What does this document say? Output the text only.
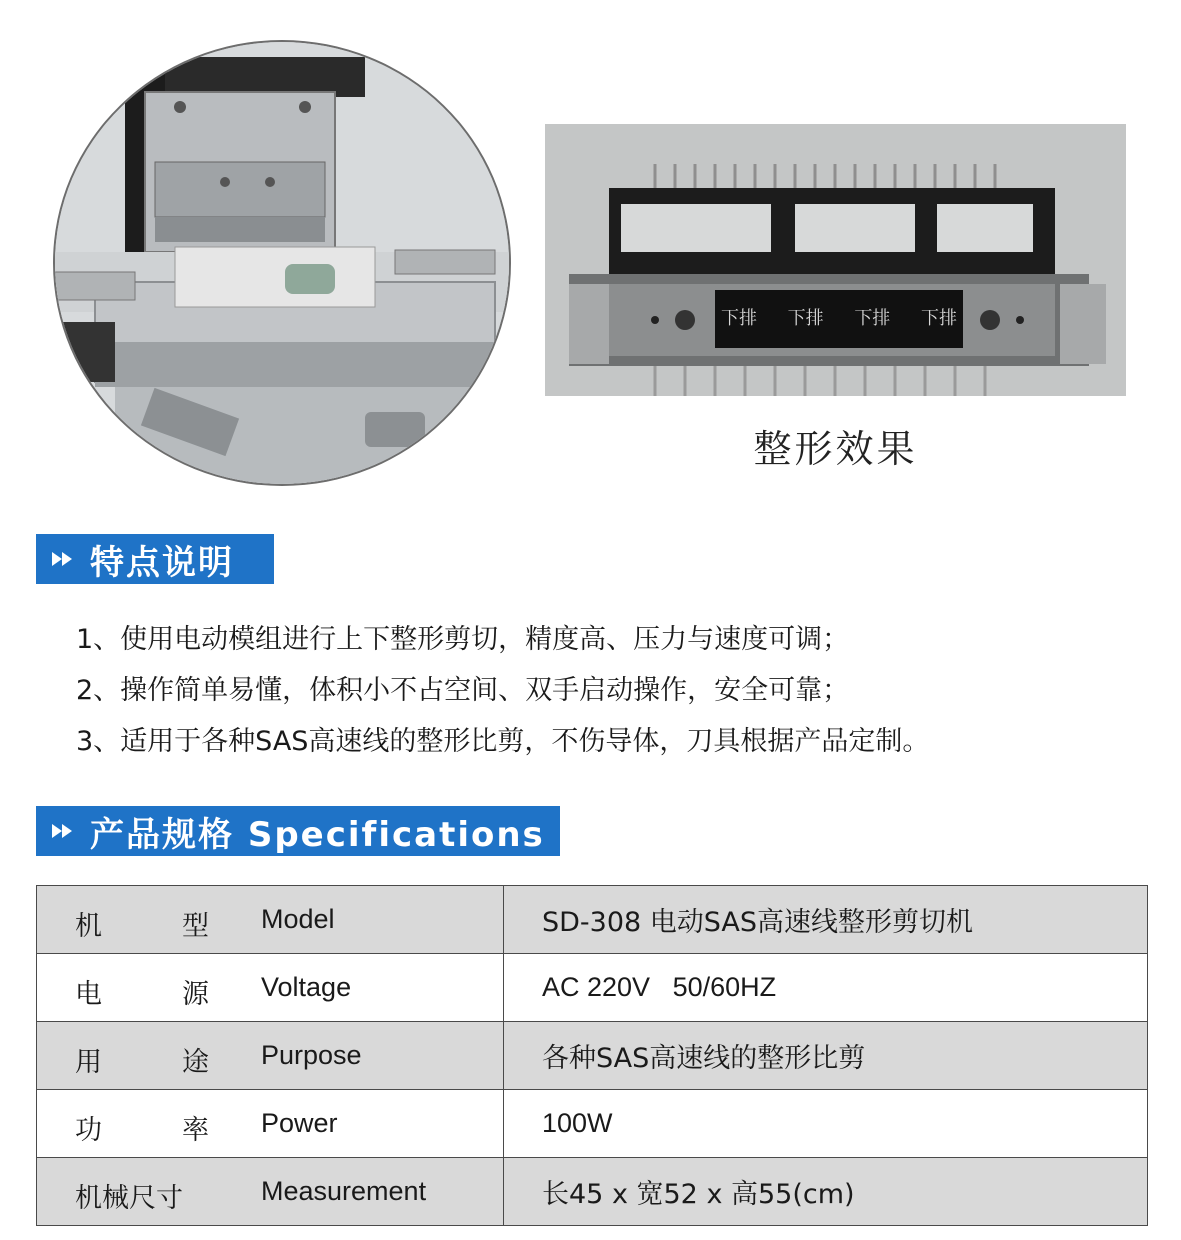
下排 下排 下排 下排
整形效果
特点说明
1、使用电动模组进行上下整形剪切，精度高、压力与速度可调；
2、操作简单易懂，体积小不占空间、双手启动操作，安全可靠；
3、适用于各种SAS高速线的整形比剪，不伤导体，刀具根据产品定制。
产品规格 Specifications
机 型 Model	SD-308 电动SAS高速线整形剪切机

电 源 Voltage	AC 220V   50/60HZ

用 途 Purpose	各种SAS高速线的整形比剪

功 率 Power	100W

机械尺寸 Measurement	长45 x 宽52 x 高55(cm)
